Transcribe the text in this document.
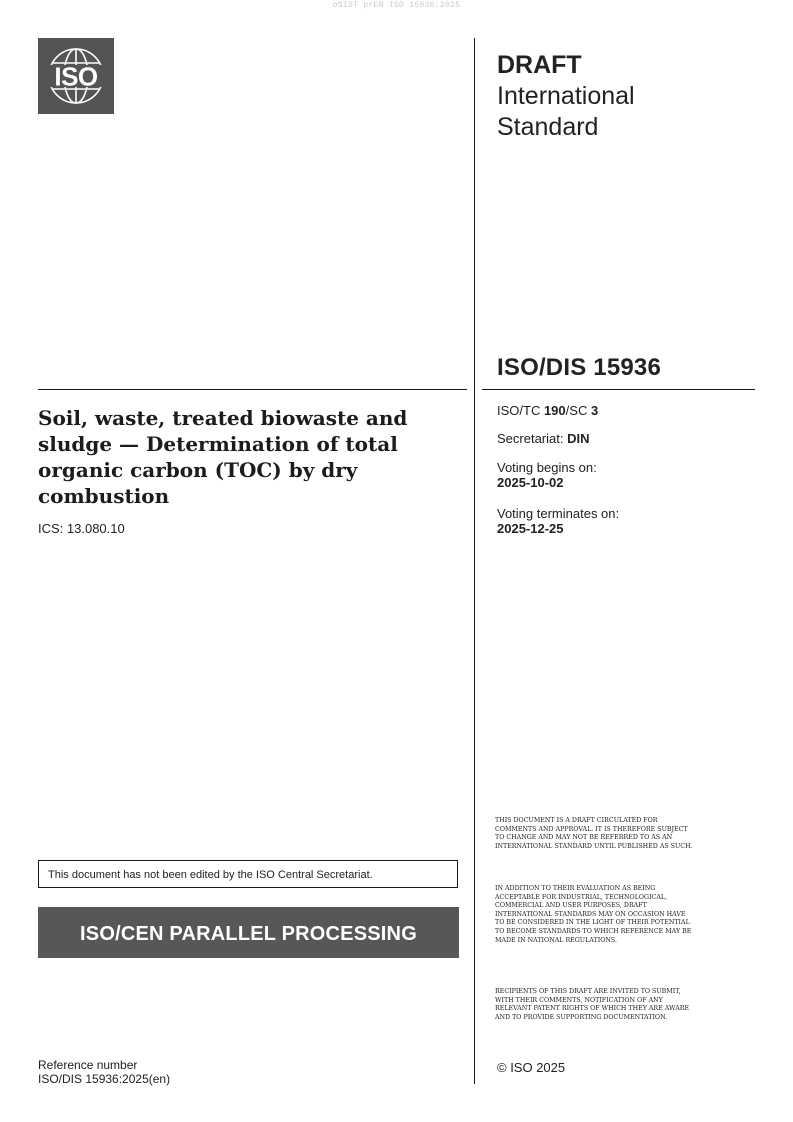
oSIST prEN ISO 15936:2025
ISO	DRAFT
International Standard
ISO/DIS 15936
Soil, waste, treated biowaste and sludge — Determination of total organic carbon (TOC) by dry combustion
ICS: 13.080.10
ISO/TC 190/SC 3
Secretariat: DIN
Voting begins on:
2025-10-02
Voting terminates on:
2025-12-25
THIS DOCUMENT IS A DRAFT CIRCULATED FOR COMMENTS AND APPROVAL. IT IS THEREFORE SUBJECT TO CHANGE AND MAY NOT BE REFERRED TO AS AN INTERNATIONAL STANDARD UNTIL PUBLISHED AS SUCH.
IN ADDITION TO THEIR EVALUATION AS BEING ACCEPTABLE FOR INDUSTRIAL, TECHNOLOGICAL, COMMERCIAL AND USER PURPOSES, DRAFT INTERNATIONAL STANDARDS MAY ON OCCASION HAVE TO BE CONSIDERED IN THE LIGHT OF THEIR POTENTIAL TO BECOME STANDARDS TO WHICH REFERENCE MAY BE MADE IN NATIONAL REGULATIONS.
RECIPIENTS OF THIS DRAFT ARE INVITED TO SUBMIT, WITH THEIR COMMENTS, NOTIFICATION OF ANY RELEVANT PATENT RIGHTS OF WHICH THEY ARE AWARE AND TO PROVIDE SUPPORTING DOCUMENTATION.
This document has not been edited by the ISO Central Secretariat.
ISO/CEN PARALLEL PROCESSING
© ISO 2025
Reference number
ISO/DIS 15936:2025(en)
